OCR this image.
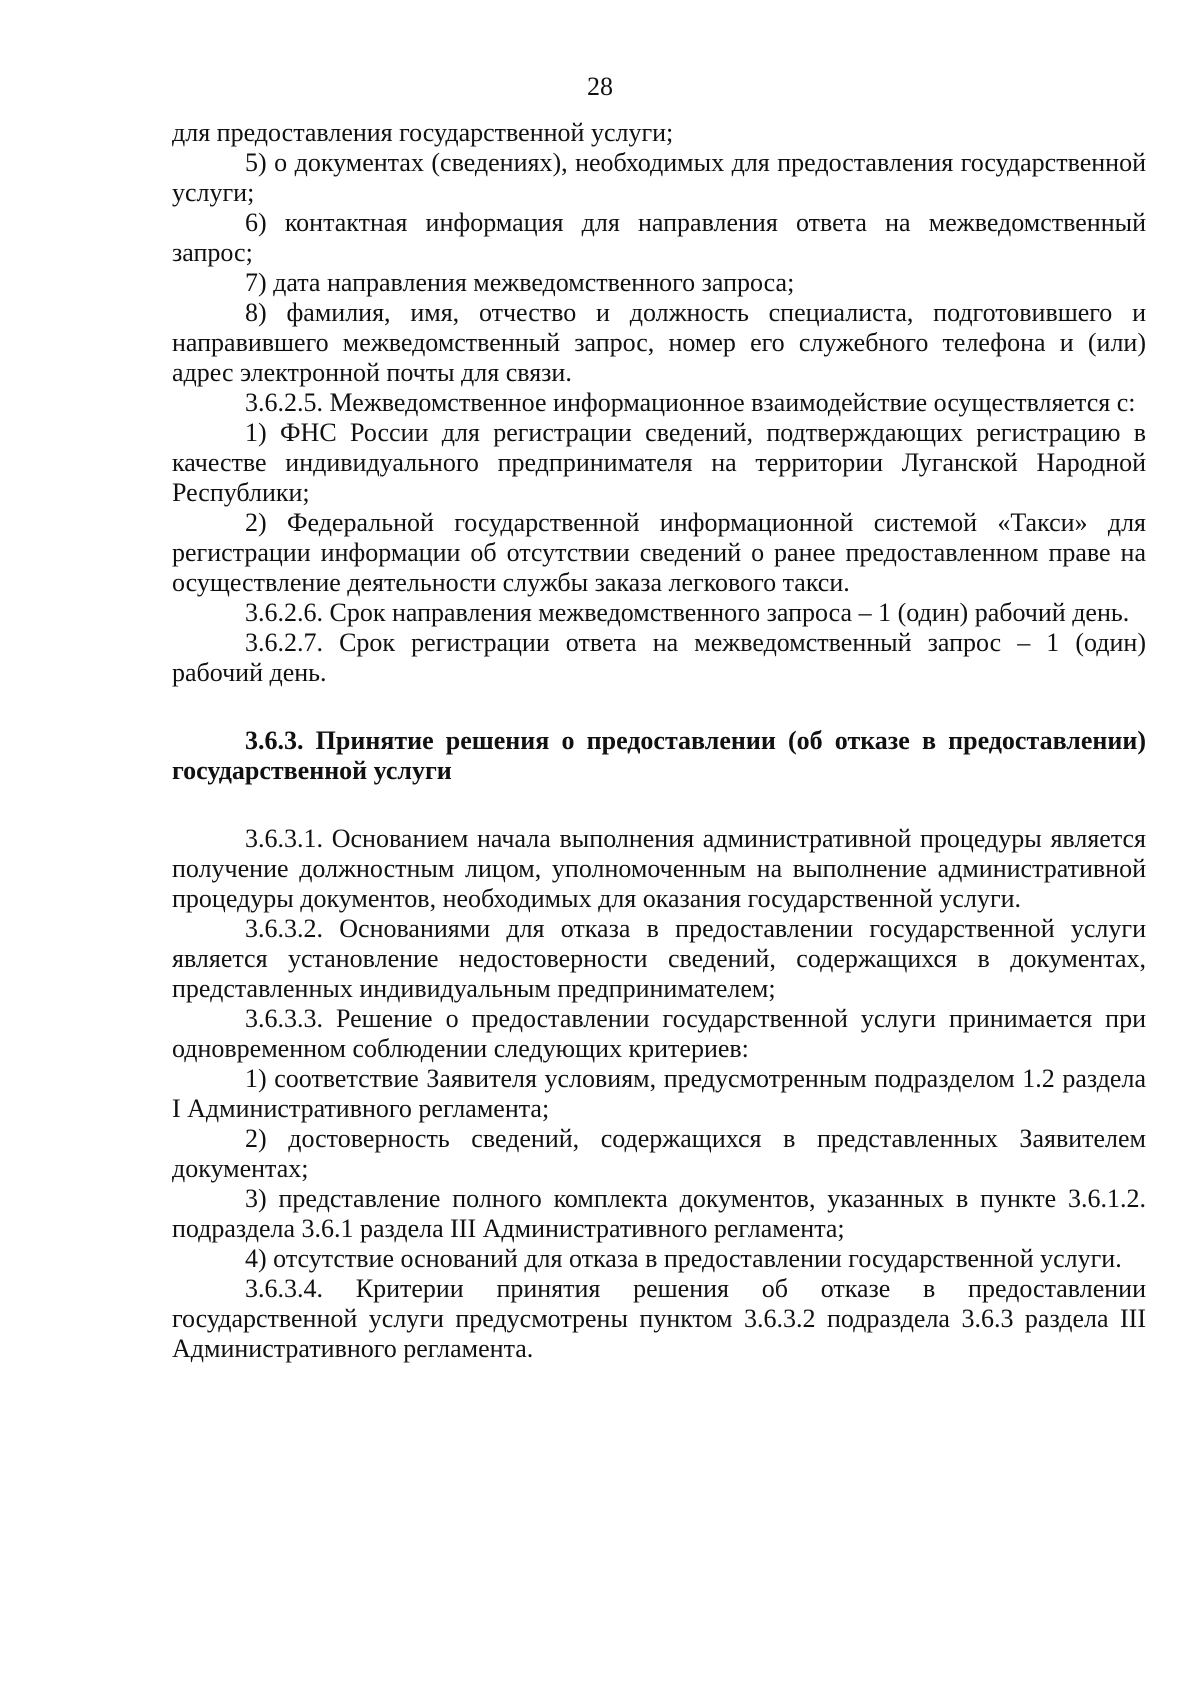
28

для предоставления государственной услуги;

5) о документах (сведениях), необходимых для предоставления государственной услуги;

6) контактная информация для направления ответа на межведомственный запрос;

7) дата направления межведомственного запроса;

8) фамилия, имя, отчество и должность специалиста, подготовившего и направившего межведомственный запрос, номер его служебного телефона и (или) адрес электронной почты для связи.

3.6.2.5. Межведомственное информационное взаимодействие осуществляется с:

1) ФНС России для регистрации сведений, подтверждающих регистрацию в качестве индивидуального предпринимателя на территории Луганской Народной Республики;

2) Федеральной государственной информационной системой «Такси» для регистрации информации об отсутствии сведений о ранее предоставленном праве на осуществление деятельности службы заказа легкового такси.

3.6.2.6. Срок направления межведомственного запроса – 1 (один) рабочий день.

3.6.2.7. Срок регистрации ответа на межведомственный запрос – 1 (один) рабочий день.

3.6.3. Принятие решения о предоставлении (об отказе в предоставлении) государственной услуги

3.6.3.1. Основанием начала выполнения административной процедуры является получение должностным лицом, уполномоченным на выполнение административной процедуры документов, необходимых для оказания государственной услуги.

3.6.3.2. Основаниями для отказа в предоставлении государственной услуги является установление недостоверности сведений, содержащихся в документах, представленных индивидуальным предпринимателем;

3.6.3.3. Решение о предоставлении государственной услуги принимается при одновременном соблюдении следующих критериев:

1) соответствие Заявителя условиям, предусмотренным подразделом 1.2 раздела I Административного регламента;

2) достоверность сведений, содержащихся в представленных Заявителем документах;

3) представление полного комплекта документов, указанных в пункте 3.6.1.2. подраздела 3.6.1 раздела III Административного регламента;

4) отсутствие оснований для отказа в предоставлении государственной услуги.

3.6.3.4. Критерии принятия решения об отказе в предоставлении государственной услуги предусмотрены пунктом 3.6.3.2 подраздела 3.6.3 раздела III Административного регламента.
